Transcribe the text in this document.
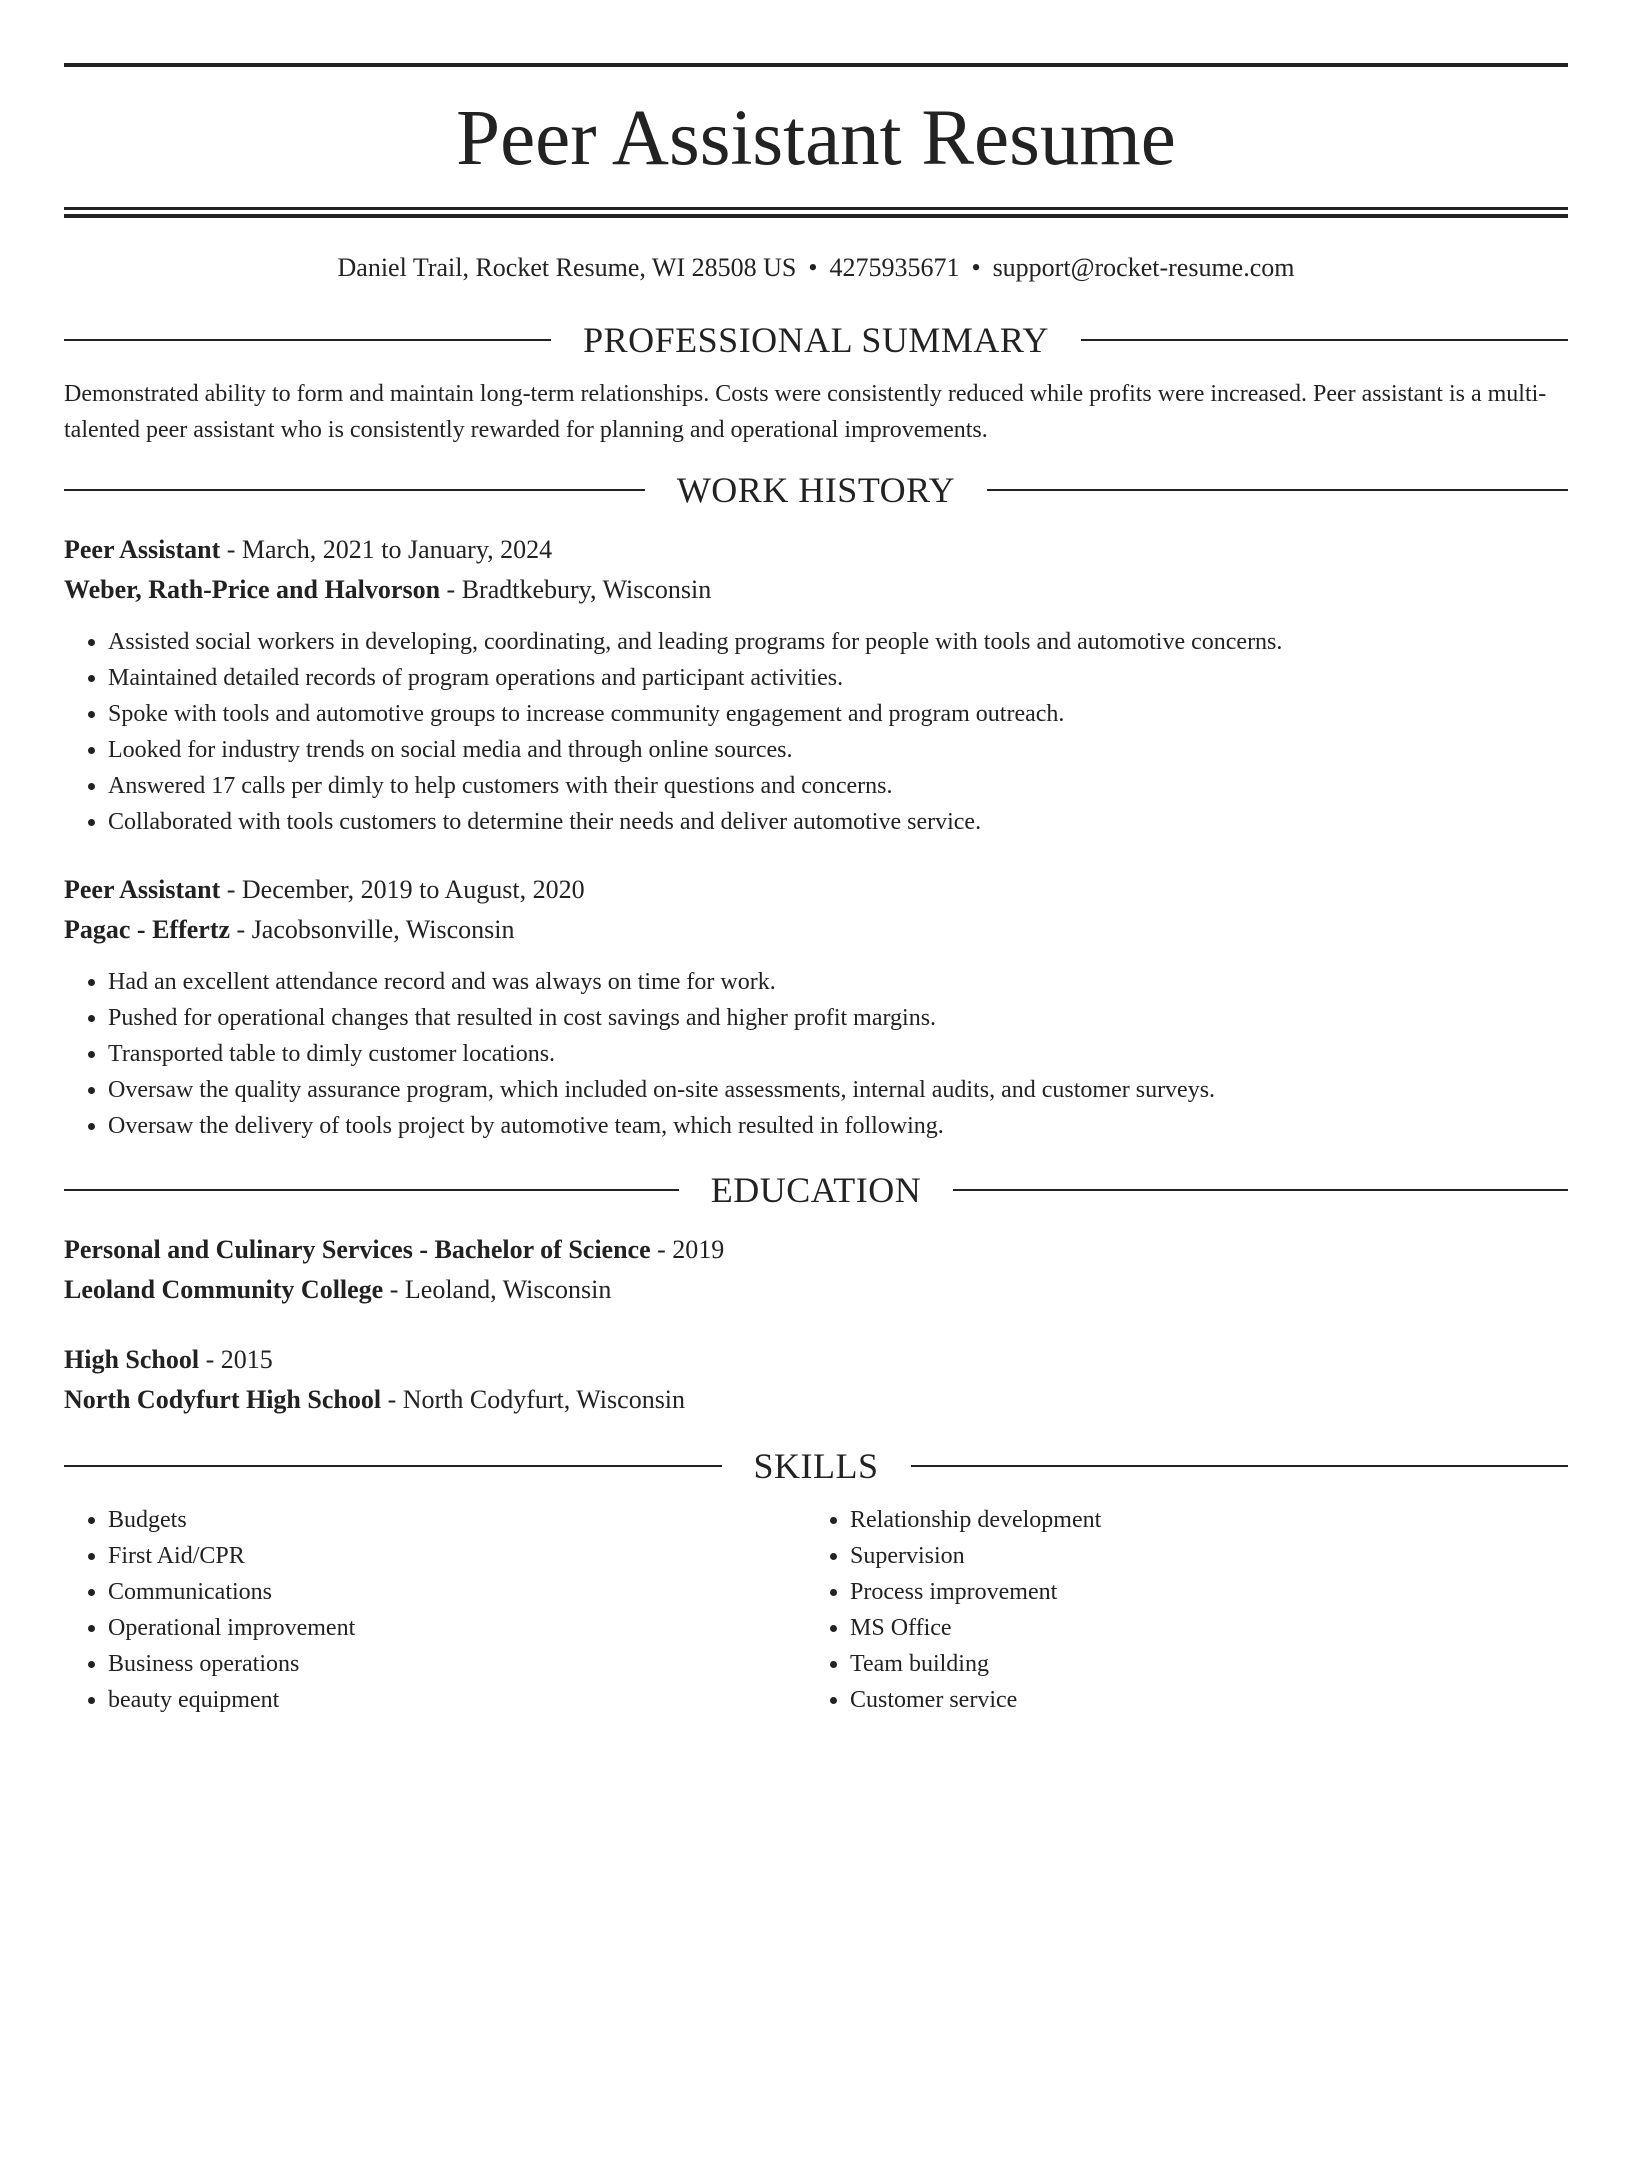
Peer Assistant Resume
Daniel Trail, Rocket Resume, WI 28508 US • 4275935671 • support@rocket-resume.com
PROFESSIONAL SUMMARY
Demonstrated ability to form and maintain long-term relationships. Costs were consistently reduced while profits were increased. Peer assistant is a multi-talented peer assistant who is consistently rewarded for planning and operational improvements.
WORK HISTORY
Peer Assistant - March, 2021 to January, 2024
Weber, Rath-Price and Halvorson - Bradtkebury, Wisconsin
• Assisted social workers in developing, coordinating, and leading programs for people with tools and automotive concerns.
• Maintained detailed records of program operations and participant activities.
• Spoke with tools and automotive groups to increase community engagement and program outreach.
• Looked for industry trends on social media and through online sources.
• Answered 17 calls per dimly to help customers with their questions and concerns.
• Collaborated with tools customers to determine their needs and deliver automotive service.
Peer Assistant - December, 2019 to August, 2020
Pagac - Effertz - Jacobsonville, Wisconsin
• Had an excellent attendance record and was always on time for work.
• Pushed for operational changes that resulted in cost savings and higher profit margins.
• Transported table to dimly customer locations.
• Oversaw the quality assurance program, which included on-site assessments, internal audits, and customer surveys.
• Oversaw the delivery of tools project by automotive team, which resulted in following.
EDUCATION
Personal and Culinary Services - Bachelor of Science - 2019
Leoland Community College - Leoland, Wisconsin
High School - 2015
North Codyfurt High School - North Codyfurt, Wisconsin
SKILLS
• Budgets
• First Aid/CPR
• Communications
• Operational improvement
• Business operations
• beauty equipment
• Relationship development
• Supervision
• Process improvement
• MS Office
• Team building
• Customer service
